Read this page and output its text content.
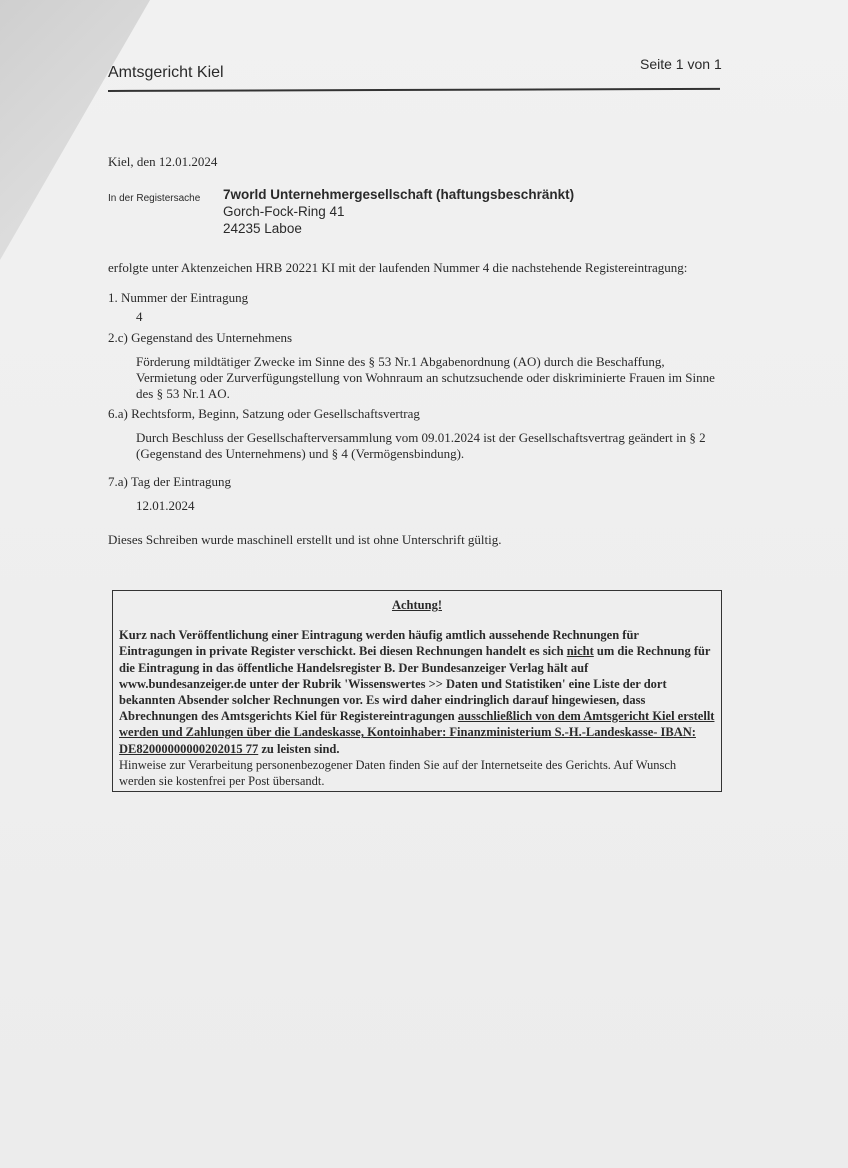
Amtsgericht Kiel	Seite 1 von 1
Kiel, den 12.01.2024
In der Registersache 7world Unternehmergesellschaft (haftungsbeschränkt)
Gorch-Fock-Ring 41
24235 Laboe
erfolgte unter Aktenzeichen HRB 20221 KI mit der laufenden Nummer 4 die nachstehende Registereintragung:
1. Nummer der Eintragung
4
2.c) Gegenstand des Unternehmens
Förderung mildtätiger Zwecke im Sinne des § 53 Nr.1 Abgabenordnung (AO) durch die Beschaffung, Vermietung oder Zurverfügungstellung von Wohnraum an schutzsuchende oder diskriminierte Frauen im Sinne des § 53 Nr.1 AO.
6.a) Rechtsform, Beginn, Satzung oder Gesellschaftsvertrag
Durch Beschluss der Gesellschafterversammlung vom 09.01.2024 ist der Gesellschaftsvertrag geändert in § 2 (Gegenstand des Unternehmens) und § 4 (Vermögensbindung).
7.a) Tag der Eintragung
12.01.2024
Dieses Schreiben wurde maschinell erstellt und ist ohne Unterschrift gültig.
Achtung!
Kurz nach Veröffentlichung einer Eintragung werden häufig amtlich aussehende Rechnungen für Eintragungen in private Register verschickt. Bei diesen Rechnungen handelt es sich nicht um die Rechnung für die Eintragung in das öffentliche Handelsregister B. Der Bundesanzeiger Verlag hält auf www.bundesanzeiger.de unter der Rubrik 'Wissenswertes >> Daten und Statistiken' eine Liste der dort bekannten Absender solcher Rechnungen vor. Es wird daher eindringlich darauf hingewiesen, dass Abrechnungen des Amtsgerichts Kiel für Registereintragungen ausschließlich von dem Amtsgericht Kiel erstellt werden und Zahlungen über die Landeskasse, Kontoinhaber: Finanzministerium S.-H.-Landeskasse- IBAN: DE82000000000202015 77 zu leisten sind.
Hinweise zur Verarbeitung personenbezogener Daten finden Sie auf der Internetseite des Gerichts. Auf Wunsch werden sie kostenfrei per Post übersandt.
